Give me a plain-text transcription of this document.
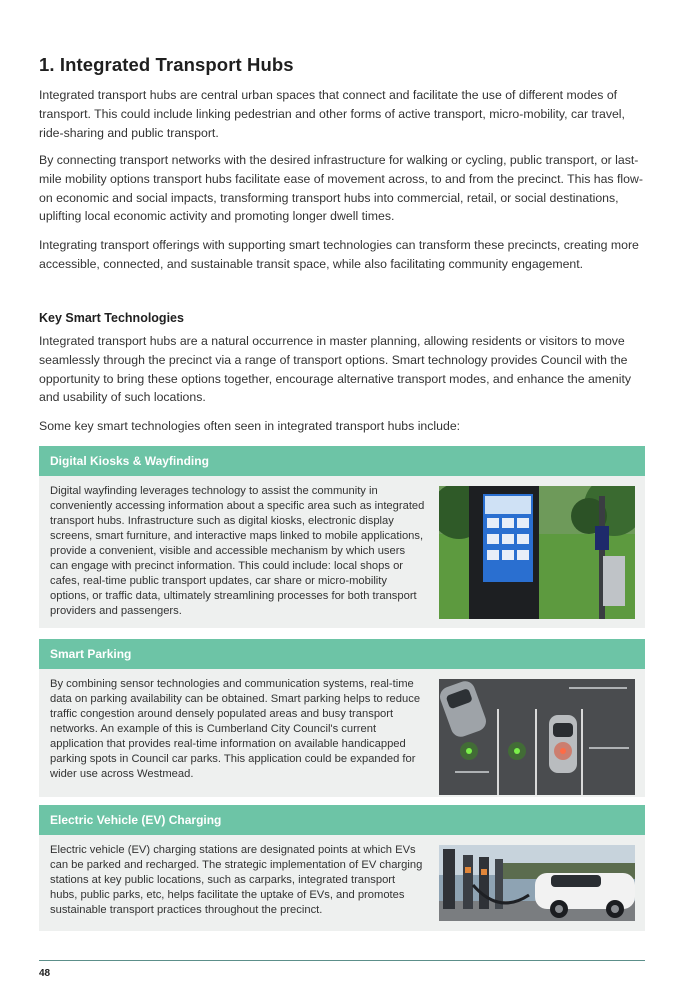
1. Integrated Transport Hubs

Integrated transport hubs are central urban spaces that connect and facilitate the use of different modes of transport. This could include linking pedestrian and other forms of active transport, micro-mobility, car travel, ride-sharing and public transport.

By connecting transport networks with the desired infrastructure for walking or cycling, public transport, or last-mile mobility options transport hubs facilitate ease of movement across, to and from the precinct. This has flow-on economic and social impacts, transforming transport hubs into commercial, retail, or social destinations, uplifting local economic activity and promoting longer dwell times.

Integrating transport offerings with supporting smart technologies can transform these precincts, creating more accessible, connected, and sustainable transit space, while also facilitating community engagement.

Key Smart Technologies

Integrated transport hubs are a natural occurrence in master planning, allowing residents or visitors to move seamlessly through the precinct via a range of transport options. Smart technology provides Council with the opportunity to bring these options together, encourage alternative transport modes, and enhance the amenity and usability of such locations.

Some key smart technologies often seen in integrated transport hubs include:

Digital Kiosks & Wayfinding

Digital wayfinding leverages technology to assist the community in conveniently accessing information about a specific area such as integrated transport hubs. Infrastructure such as digital kiosks, electronic display screens, smart furniture, and interactive maps linked to mobile applications, provide a convenient, visible and accessible mechanism by which users can engage with precinct information. This could include: local shops or cafes, real-time public transport updates, car share or micro-mobility options, or traffic data, ultimately streamlining processes for both transport providers and passengers.

Smart Parking

By combining sensor technologies and communication systems, real-time data on parking availability can be obtained. Smart parking helps to reduce traffic congestion around densely populated areas and busy transport networks. An example of this is Cumberland City Council's current application that provides real-time information on available handicapped parking spots in Council car parks. This application could be expanded for wider use across Westmead.

Electric Vehicle (EV) Charging

Electric vehicle (EV) charging stations are designated points at which EVs can be parked and recharged. The strategic implementation of EV charging stations at key public locations, such as carparks, integrated transport hubs, public parks, etc, helps facilitate the uptake of EVs, and promotes sustainable transport practices throughout the precinct.

48
